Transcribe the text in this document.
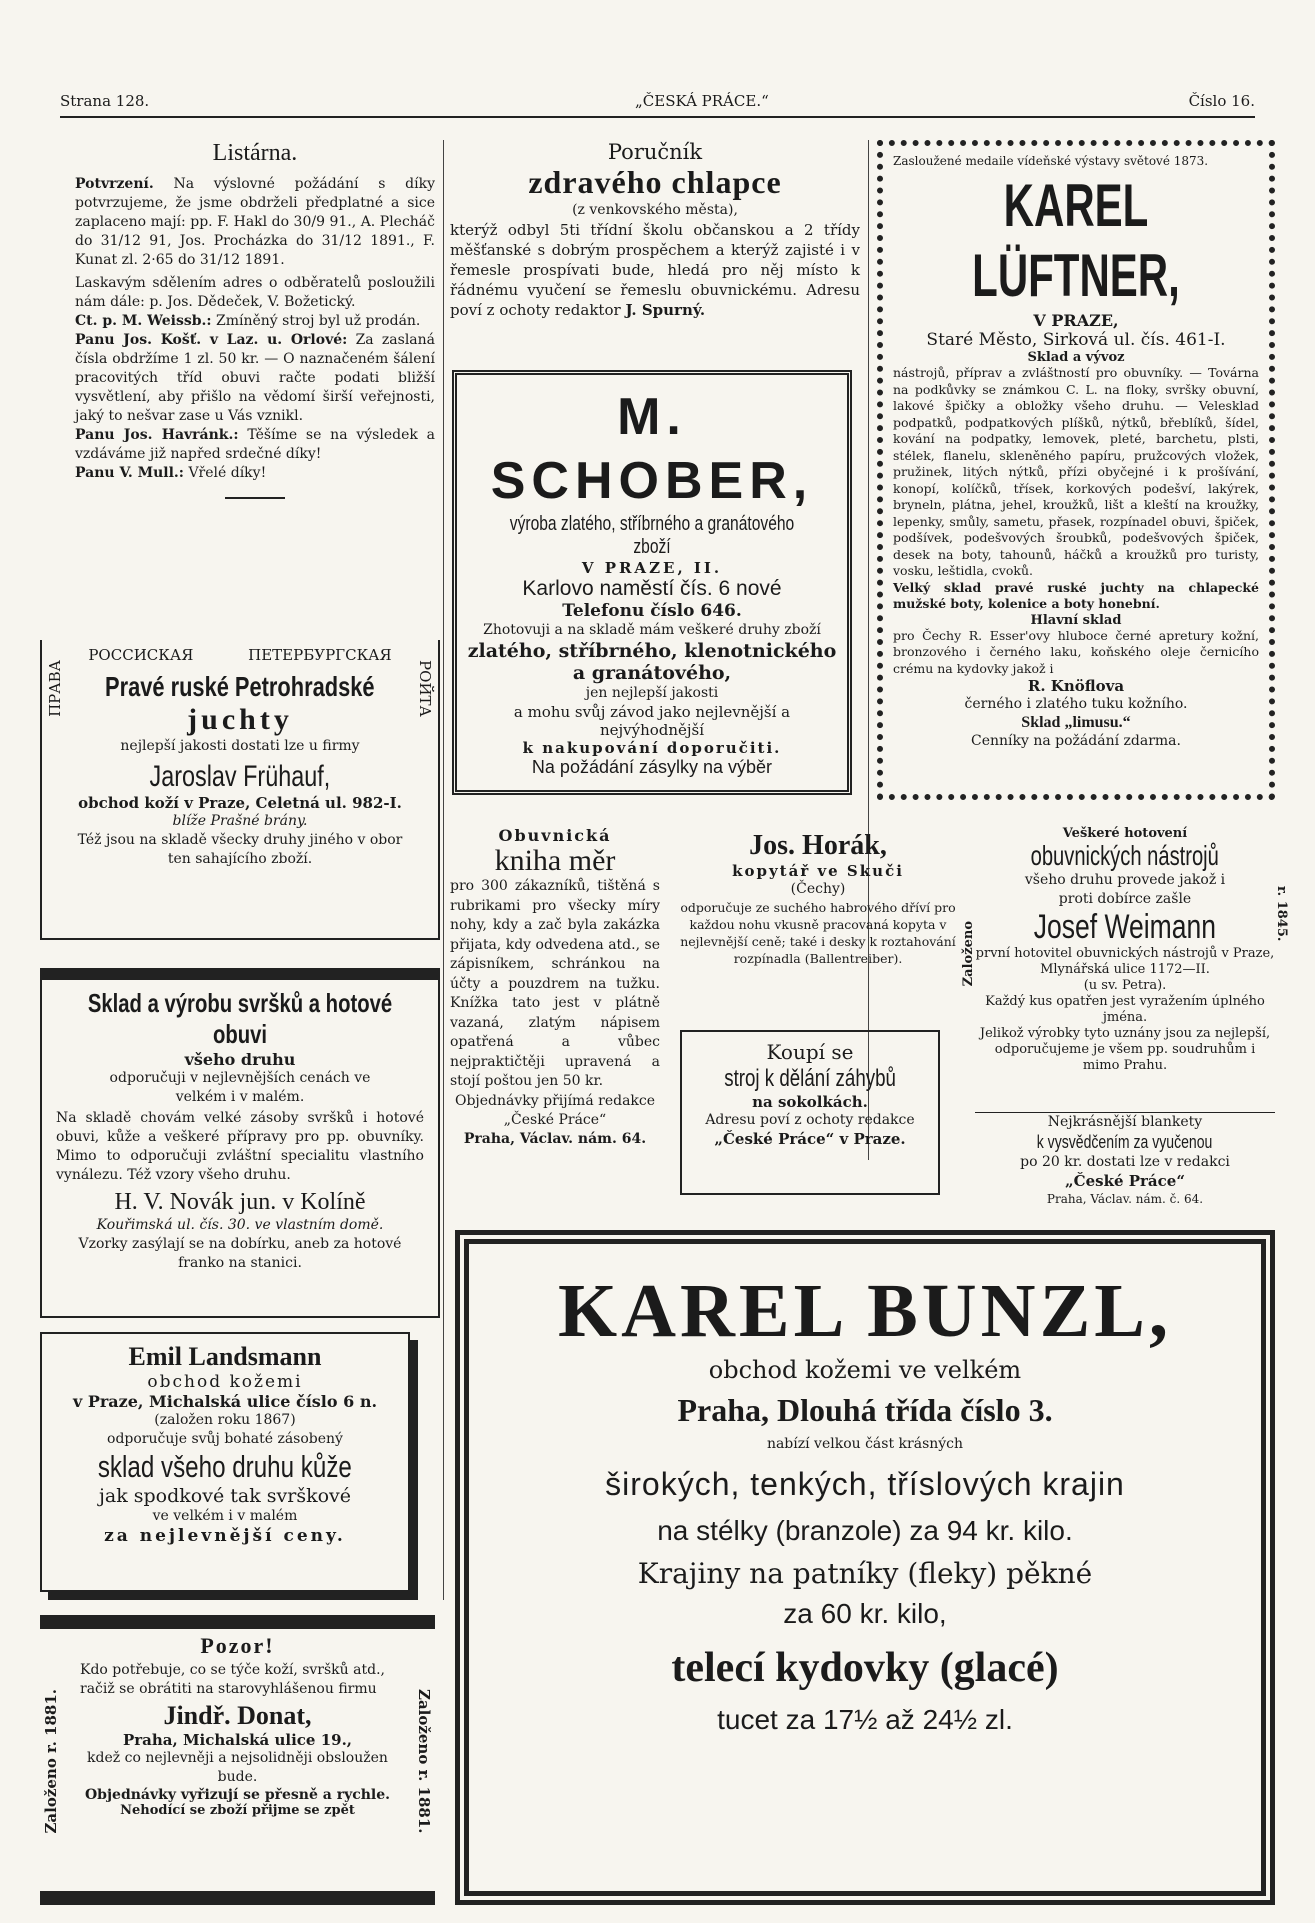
Strana 128.	„ČESKÁ PRÁCE.“	Číslo 16.
Listárna.

Potvrzení. Na výslovné požádání s díky potvrzujeme, že jsme obdrželi předplatné a sice zaplaceno mají: pp. F. Hakl do 30/9 91., A. Plecháč do 31/12 91, Jos. Procházka do 31/12 1891., F. Kunat zl. 2·65 do 31/12 1891.

Laskavým sdělením adres o odběratelů posloužili nám dále: p. Jos. Dědeček, V. Božetický.

Ct. p. M. Weissb.: Zmíněný stroj byl už prodán.

Panu Jos. Košť. v Laz. u. Orlové: Za zaslaná čísla obdržíme 1 zl. 50 kr. — O naznačeném šálení pracovitých tříd obuvi račte podati bližší vysvětlení, aby přišlo na vědomí širší veřejnosti, jaký to nešvar zase u Vás vznikl.

Panu Jos. Havránk.: Těšíme se na výsledek a vzdáváme již napřed srdečné díky!

Panu V. Mull.: Vřelé díky!

ПРАВА	РОЙТА
РОССИСКАЯ	ПЕТЕРБУРГСКАЯ
Pravé ruské Petrohradské
juchty
nejlepší jakosti dostati lze u firmy
Jaroslav Frühauf,
obchod koží v Praze, Celetná ul. 982-I.
blíže Prašné brány.
Též jsou na skladě všecky druhy jiného v obor ten sahajícího zboží.
Sklad a výrobu svršků a hotové obuvi
všeho druhu

odporučuji v nejlevnějších cenách ve velkém i v malém.

Na skladě chovám velké zásoby svršků i hotové obuvi, kůže a veškeré přípravy pro pp. obuvníky. Mimo to odporučuji zvláštní specialitu vlastního vynálezu. Též vzory všeho druhu.

H. V. Novák jun. v Kolíně
Kouřimská ul. čís. 30. ve vlastním domě.

Vzorky zasýlají se na dobírku, aneb za hotové franko na stanici.

Emil Landsmann
obchod kožemi
v Praze, Michalská ulice číslo 6 n.
(založen roku 1867)
odporučuje svůj bohaté zásobený
sklad všeho druhu kůže
jak spodkové tak svrškové
ve velkém i v malém
za nejlevnější ceny.
Založeno r. 1881.	Založeno r. 1881.
Pozor!

Kdo potřebuje, co se týče koží, svršků atd., račiž se obrátiti na starovyhlášenou firmu

Jindř. Donat,
Praha, Michalská ulice 19.,

kdež co nejlevněji a nejsolidněji obsloužen bude.

Objednávky vyřizují se přesně a rychle.
Nehodící se zboží přijme se zpět
Poručník
zdravého chlapce
(z venkovského města),

kterýž odbyl 5ti třídní školu občanskou a 2 třídy měšťanské s dobrým prospěchem a kterýž zajisté i v řemesle prospívati bude, hledá pro něj místo k řádnému vyučení se řemeslu obuvnickému. Adresu poví z ochoty redaktor J. Spurný.

M. SCHOBER,
výroba zlatého, stříbrného a granátového zboží
V PRAZE, II.
Karlovo naměstí čís. 6 nové
Telefonu číslo 646.
Zhotovuji a na skladě mám veškeré druhy zboží
zlatého, stříbrného, klenotnického
a granátového,
jen nejlepší jakosti
a mohu svůj závod jako nejlevnější a nejvýhodnější
k nakupování doporučiti.
Na požádání zásylky na výběr
Zasloužené medaile vídeňské výstavy světové 1873.
KAREL LÜFTNER,
V PRAZE,
Staré Město, Sirková ul. čís. 461-I.
Sklad a vývoz

nástrojů, příprav a zvláštností pro obuvníky. — Továrna na podkůvky se známkou C. L. na floky, svršky obuvní, lakové špičky a obložky všeho druhu. — Velesklad podpatků, podpatkových plíšků, nýtků, břeblíků, šídel, kování na podpatky, lemovek, pleté, barchetu, plsti, stélek, flanelu, skleněného papíru, pružcových vložek, pružinek, litých nýtků, přízi obyčejné i k prošívání, konopí, kolíčků, třísek, korkových podešví, lakýrek, bryneln, plátna, jehel, kroužků, lišt a kleští na kroužky, lepenky, smůly, sametu, přasek, rozpínadel obuvi, špiček, podšívek, podešvových šroubků, podešvových špiček, desek na boty, tahounů, háčků a kroužků pro turisty, vosku, leštidla, cvoků.

Velký sklad pravé ruské juchty na chlapecké mužské boty, kolenice a boty honební.

Hlavní sklad

pro Čechy R. Esser'ovy hluboce černé apretury kožní, bronzového i černého laku, koňského oleje černicího crému na kydovky jakož i

R. Knöflova
černého i zlatého tuku kožního.
Sklad „limusu.“
Cenníky na požádání zdarma.
Obuvnická
kniha měr

pro 300 zákazníků, tištěná s rubrikami pro všecky míry nohy, kdy a zač byla zakázka přijata, kdy odvedena atd., se zápisníkem, schránkou na účty a pouzdrem na tužku. Knížka tato jest v plátně vazaná, zlatým nápisem opatřená a vůbec nejpraktičtěji upravená a stojí poštou jen 50 kr.

Objednávky přijímá redakce „České Práce“

Praha, Václav. nám. 64.

Jos. Horák,
kopytář ve Skuči
(Čechy)

odporučuje ze suchého habrového dříví pro každou nohu vkusně pracovaná kopyta v nejlevnější ceně; také i desky k roztahování rozpínadla (Ballentreiber).

Koupí se
stroj k dělání záhybů
na sokolkách.
Adresu poví z ochoty redakce
„České Práce“ v Praze.
Založeno
r. 1845.
Veškeré hotovení
obuvnických nástrojů
všeho druhu provede jakož i
proti dobírce zašle
Josef Weimann

první hotovitel obuvnických nástrojů v Praze, Mlynářská ulice 1172—II.

(u sv. Petra).

Každý kus opatřen jest vyražením úplného jména.

Jelikož výrobky tyto uznány jsou za nejlepší, odporučujeme je všem pp. soudruhům i mimo Prahu.

Nejkrásnější blankety
k vysvědčením za vyučenou
po 20 kr. dostati lze v redakci
„České Práce“
Praha, Václav. nám. č. 64.
KAREL BUNZL,
obchod kožemi ve velkém
Praha, Dlouhá třída číslo 3.
nabízí velkou část krásných
širokých, tenkých, tříslových krajin
na stélky (branzole) za 94 kr. kilo.
Krajiny na patníky (fleky) pěkné
za 60 kr. kilo,
telecí kydovky (glacé)
tucet za 17½ až 24½ zl.
